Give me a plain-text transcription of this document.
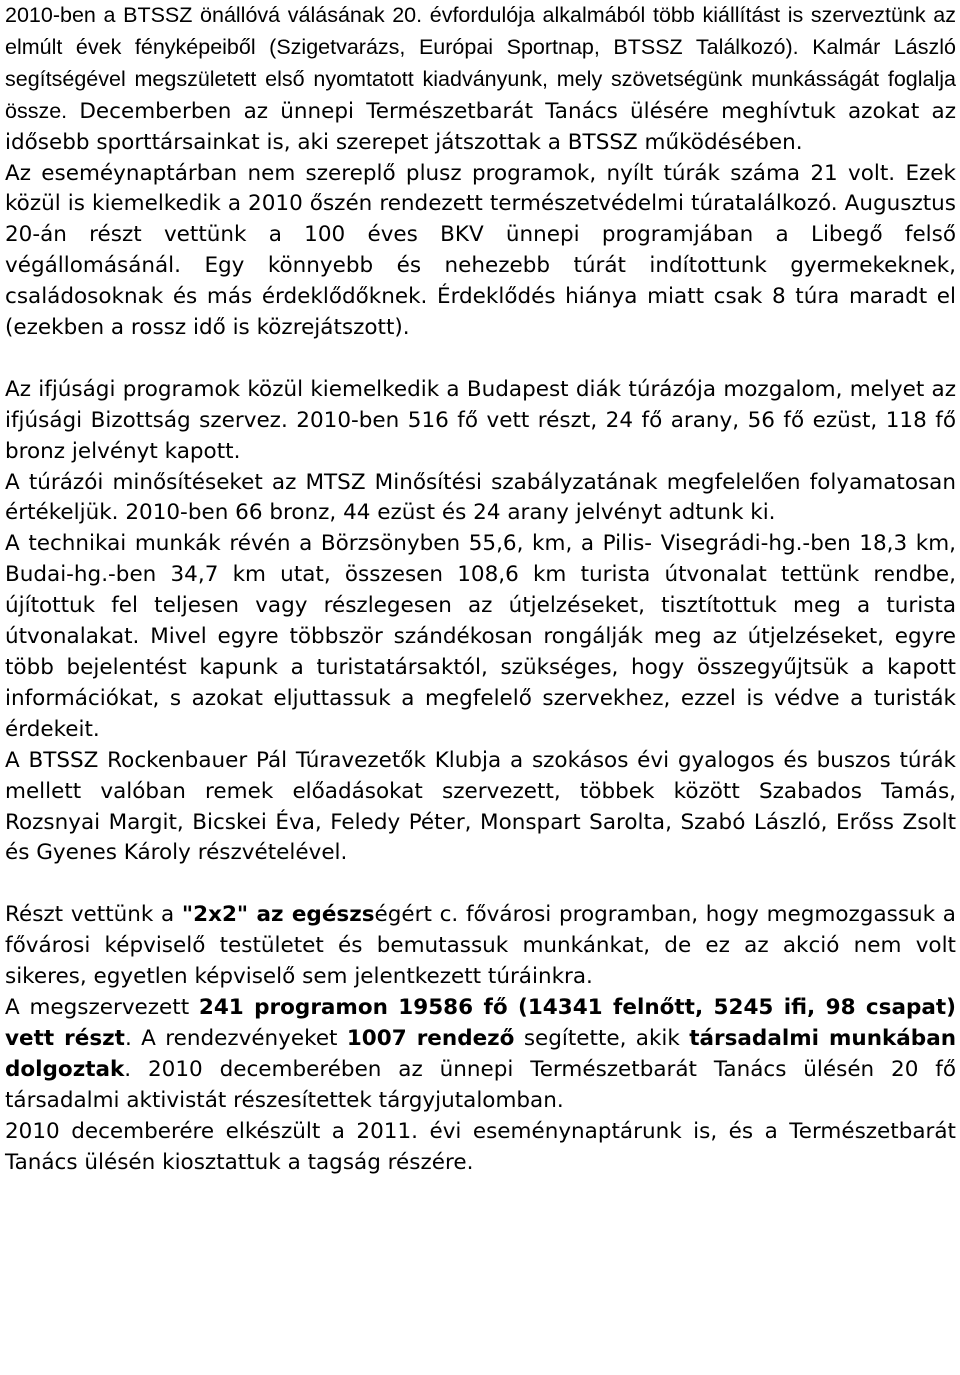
2010-ben a BTSSZ önállóvá válásának 20. évfordulója alkalmából több kiállítást is szerveztünk az elmúlt évek fényképeiből (Szigetvarázs, Európai Sportnap, BTSSZ Találkozó). Kalmár László segítségével megszületett első nyomtatott kiadványunk, mely szövetségünk munkásságát foglalja össze. Decemberben az ünnepi Természetbarát Tanács ülésére meghívtuk azokat az idősebb sporttársainkat is, aki szerepet játszottak a BTSSZ működésében.

Az eseméynaptárban nem szereplő plusz programok, nyílt túrák száma 21 volt. Ezek közül is kiemelkedik a 2010 őszén rendezett természetvédelmi túratalálkozó. Augusztus 20-án részt vettünk a 100 éves BKV ünnepi programjában a Libegő felső végállomásánál. Egy könnyebb és nehezebb túrát indítottunk gyermekeknek, családosoknak és más érdeklődőknek. Érdeklődés hiánya miatt csak 8 túra maradt el (ezekben a rossz idő is közrejátszott).

Az ifjúsági programok közül kiemelkedik a Budapest diák túrázója mozgalom, melyet az ifjúsági Bizottság szervez. 2010-ben 516 fő vett részt, 24 fő arany, 56 fő ezüst, 118 fő bronz jelvényt kapott.

A túrázói minősítéseket az MTSZ Minősítési szabályzatának megfelelően folyamatosan értékeljük. 2010-ben 66 bronz, 44 ezüst és 24 arany jelvényt adtunk ki.

A technikai munkák révén a Börzsönyben 55,6, km, a Pilis- Visegrádi-hg.-ben 18,3 km, Budai-hg.-ben 34,7 km utat, összesen 108,6 km turista útvonalat tettünk rendbe, újítottuk fel teljesen vagy részlegesen az útjelzéseket, tisztítottuk meg a turista útvonalakat. Mivel egyre többször szándékosan rongálják meg az útjelzéseket, egyre több bejelentést kapunk a turistatársaktól, szükséges, hogy összegyűjtsük a kapott információkat, s azokat eljuttassuk a megfelelő szervekhez, ezzel is védve a turisták érdekeit.

A BTSSZ Rockenbauer Pál Túravezetők Klubja a szokásos évi gyalogos és buszos túrák mellett valóban remek előadásokat szervezett, többek között Szabados Tamás, Rozsnyai Margit, Bicskei Éva, Feledy Péter, Monspart Sarolta, Szabó László, Erőss Zsolt és Gyenes Károly részvételével.

Részt vettünk a "2x2" az egészségért c. fővárosi programban, hogy megmozgassuk a fővárosi képviselő testületet és bemutassuk munkánkat, de ez az akció nem volt sikeres, egyetlen képviselő sem jelentkezett túráinkra.

A megszervezett 241 programon 19586 fő (14341 felnőtt, 5245 ifi, 98 csapat) vett részt. A rendezvényeket 1007 rendező segítette, akik társadalmi munkában dolgoztak. 2010 decemberében az ünnepi Természetbarát Tanács ülésén 20 fő társadalmi aktivistát részesítettek tárgyjutalomban.

2010 decemberére elkészült a 2011. évi eseménynaptárunk is, és a Természetbarát Tanács ülésén kiosztattuk a tagság részére.
